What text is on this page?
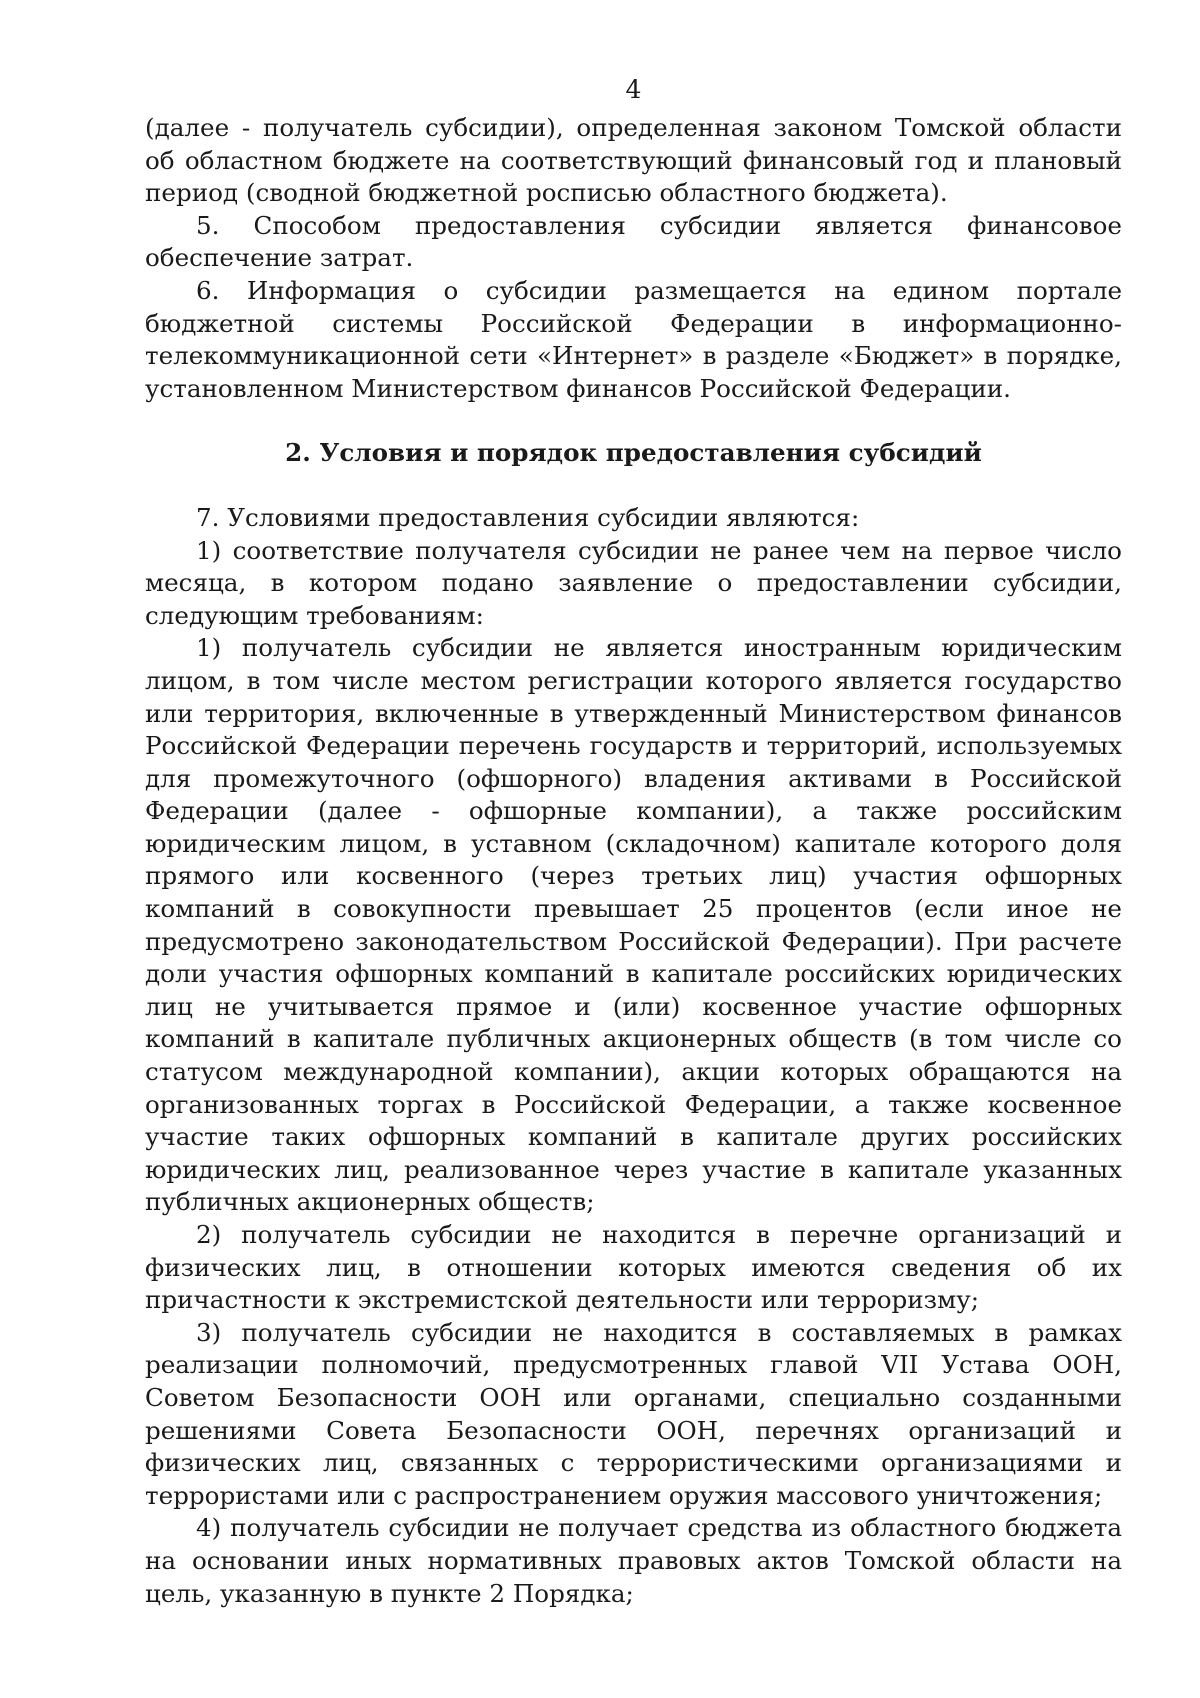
4

(далее - получатель субсидии), определенная законом Томской области об областном бюджете на соответствующий финансовый год и плановый период (сводной бюджетной росписью областного бюджета).

5. Способом предоставления субсидии является финансовое обеспечение затрат.

6. Информация о субсидии размещается на едином портале бюджетной системы Российской Федерации в информационно-телекоммуникационной сети «Интернет» в разделе «Бюджет» в порядке, установленном Министерством финансов Российской Федерации.

2. Условия и порядок предоставления субсидий

7. Условиями предоставления субсидии являются:

1) соответствие получателя субсидии не ранее чем на первое число месяца, в котором подано заявление о предоставлении субсидии, следующим требованиям:

1) получатель субсидии не является иностранным юридическим лицом, в том числе местом регистрации которого является государство или территория, включенные в утвержденный Министерством финансов Российской Федерации перечень государств и территорий, используемых для промежуточного (офшорного) владения активами в Российской Федерации (далее - офшорные компании), а также российским юридическим лицом, в уставном (складочном) капитале которого доля прямого или косвенного (через третьих лиц) участия офшорных компаний в совокупности превышает 25 процентов (если иное не предусмотрено законодательством Российской Федерации). При расчете доли участия офшорных компаний в капитале российских юридических лиц не учитывается прямое и (или) косвенное участие офшорных компаний в капитале публичных акционерных обществ (в том числе со статусом международной компании), акции которых обращаются на организованных торгах в Российской Федерации, а также косвенное участие таких офшорных компаний в капитале других российских юридических лиц, реализованное через участие в капитале указанных публичных акционерных обществ;

2) получатель субсидии не находится в перечне организаций и физических лиц, в отношении которых имеются сведения об их причастности к экстремистской деятельности или терроризму;

3) получатель субсидии не находится в составляемых в рамках реализации полномочий, предусмотренных главой VII Устава ООН, Советом Безопасности ООН или органами, специально созданными решениями Совета Безопасности ООН, перечнях организаций и физических лиц, связанных с террористическими организациями и террористами или с распространением оружия массового уничтожения;

4) получатель субсидии не получает средства из областного бюджета на основании иных нормативных правовых актов Томской области на цель, указанную в пункте 2 Порядка;
